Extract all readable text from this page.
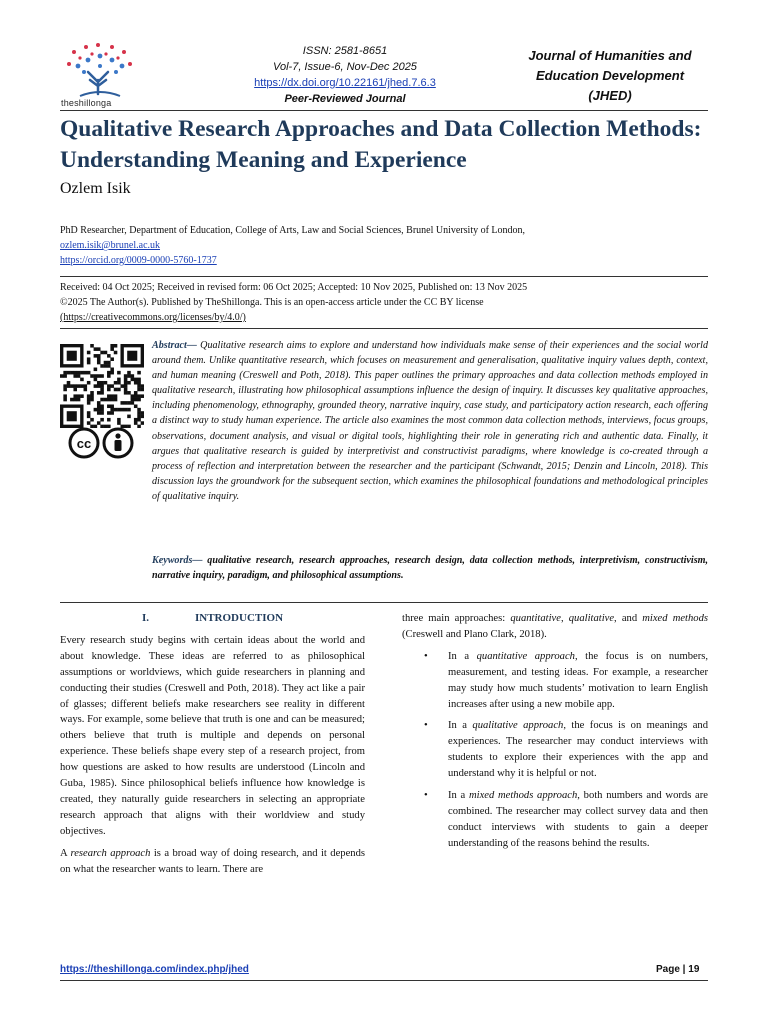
theshillonga
ISSN: 2581-8651
Vol-7, Issue-6, Nov-Dec 2025
https://dx.doi.org/10.22161/jhed.7.6.3
Peer-Reviewed Journal
Journal of Humanities and
Education Development
(JHED)
Qualitative Research Approaches and Data Collection Methods: Understanding Meaning and Experience
Ozlem Isik
PhD Researcher, Department of Education, College of Arts, Law and Social Sciences, Brunel University of London,
ozlem.isik@brunel.ac.uk
https://orcid.org/0009-0000-5760-1737
Received: 04 Oct 2025; Received in revised form: 06 Oct 2025; Accepted: 10 Nov 2025, Published on: 13 Nov 2025
©2025 The Author(s). Published by TheShillonga. This is an open-access article under the CC BY license
(https://creativecommons.org/licenses/by/4.0/)
cc
Abstract— Qualitative research aims to explore and understand how individuals make sense of their experiences and the social world around them. Unlike quantitative research, which focuses on measurement and generalisation, qualitative inquiry values depth, context, and human meaning (Creswell and Poth, 2018). This paper outlines the primary approaches and data collection methods employed in qualitative research, illustrating how philosophical assumptions influence the design of inquiry. It discusses key qualitative approaches, including phenomenology, ethnography, grounded theory, narrative inquiry, case study, and participatory action research, each offering a distinct way to study human experience. The article also examines the most common data collection methods, interviews, focus groups, observations, document analysis, and visual or digital tools, highlighting their role in generating rich and authentic data. Finally, it argues that qualitative research is guided by interpretivist and constructivist paradigms, where knowledge is co-created through a process of reflection and interpretation between the researcher and the participant (Schwandt, 2015; Denzin and Lincoln, 2018). This discussion lays the groundwork for the subsequent section, which examines the philosophical foundations and methodological principles of qualitative inquiry.
Keywords— qualitative research, research approaches, research design, data collection methods, interpretivism, constructivism, narrative inquiry, paradigm, and philosophical assumptions.
I.	INTRODUCTION

Every research study begins with certain ideas about the world and about knowledge. These ideas are referred to as philosophical assumptions or worldviews, which guide researchers in planning and conducting their studies (Creswell and Poth, 2018). They act like a pair of glasses; different beliefs make researchers see reality in different ways. For example, some believe that truth is one and can be measured; others believe that truth is multiple and depends on personal experience. These beliefs shape every step of a research project, from how questions are asked to how results are understood (Lincoln and Guba, 1985). Since philosophical beliefs influence how knowledge is created, they naturally guide researchers in selecting an appropriate research approach that aligns with their worldview and study objectives.

A research approach is a broad way of doing research, and it depends on what the researcher wants to learn. There are

three main approaches: quantitative, qualitative, and mixed methods (Creswell and Plano Clark, 2018).

• In a quantitative approach, the focus is on numbers, measurement, and testing ideas. For example, a researcher may study how much students’ motivation to learn English increases after using a new mobile app.
• In a qualitative approach, the focus is on meanings and experiences. The researcher may conduct interviews with students to explore their experiences with the app and understand why it is helpful or not.
• In a mixed methods approach, both numbers and words are combined. The researcher may collect survey data and then conduct interviews with students to gain a deeper understanding of the reasons behind the results.
https://theshillonga.com/index.php/jhed	Page | 19
